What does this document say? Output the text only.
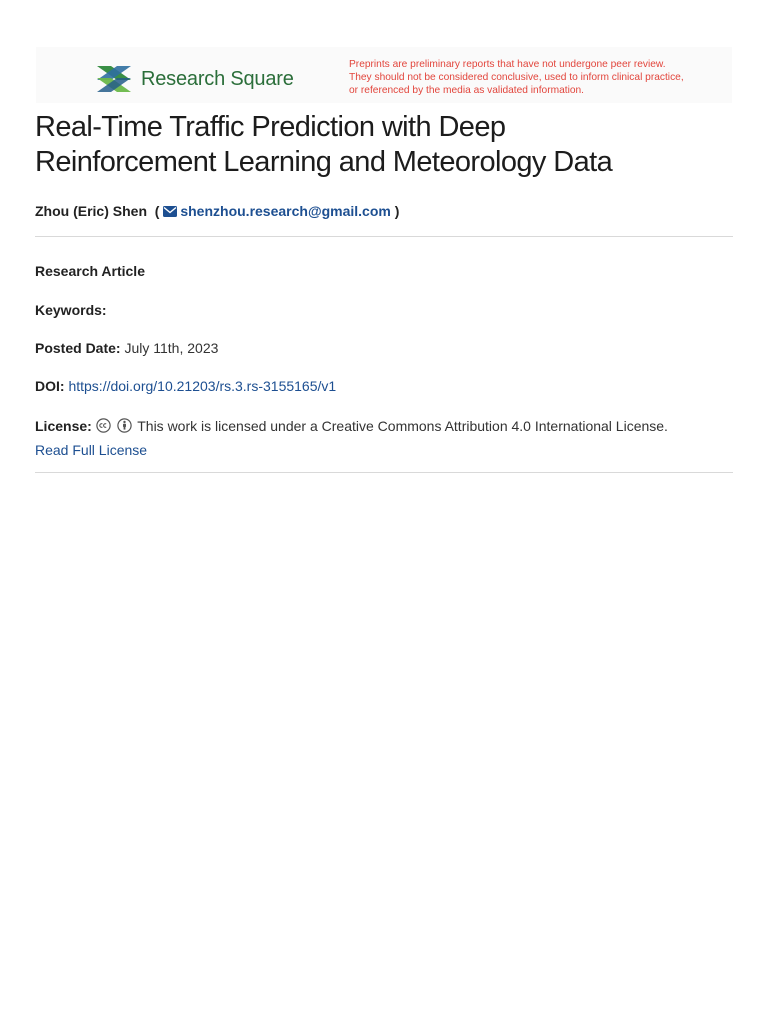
Research Square
Preprints are preliminary reports that have not undergone peer review.
They should not be considered conclusive, used to inform clinical practice,
or referenced by the media as validated information.
Real-Time Traffic Prediction with Deep
Reinforcement Learning and Meteorology Data
Zhou (Eric) Shen ( shenzhou.research@gmail.com )
Research Article
Keywords:
Posted Date: July 11th, 2023
DOI: https://doi.org/10.21203/rs.3.rs-3155165/v1
License:	This work is licensed under a Creative Commons Attribution 4.0 International License.
Read Full License
